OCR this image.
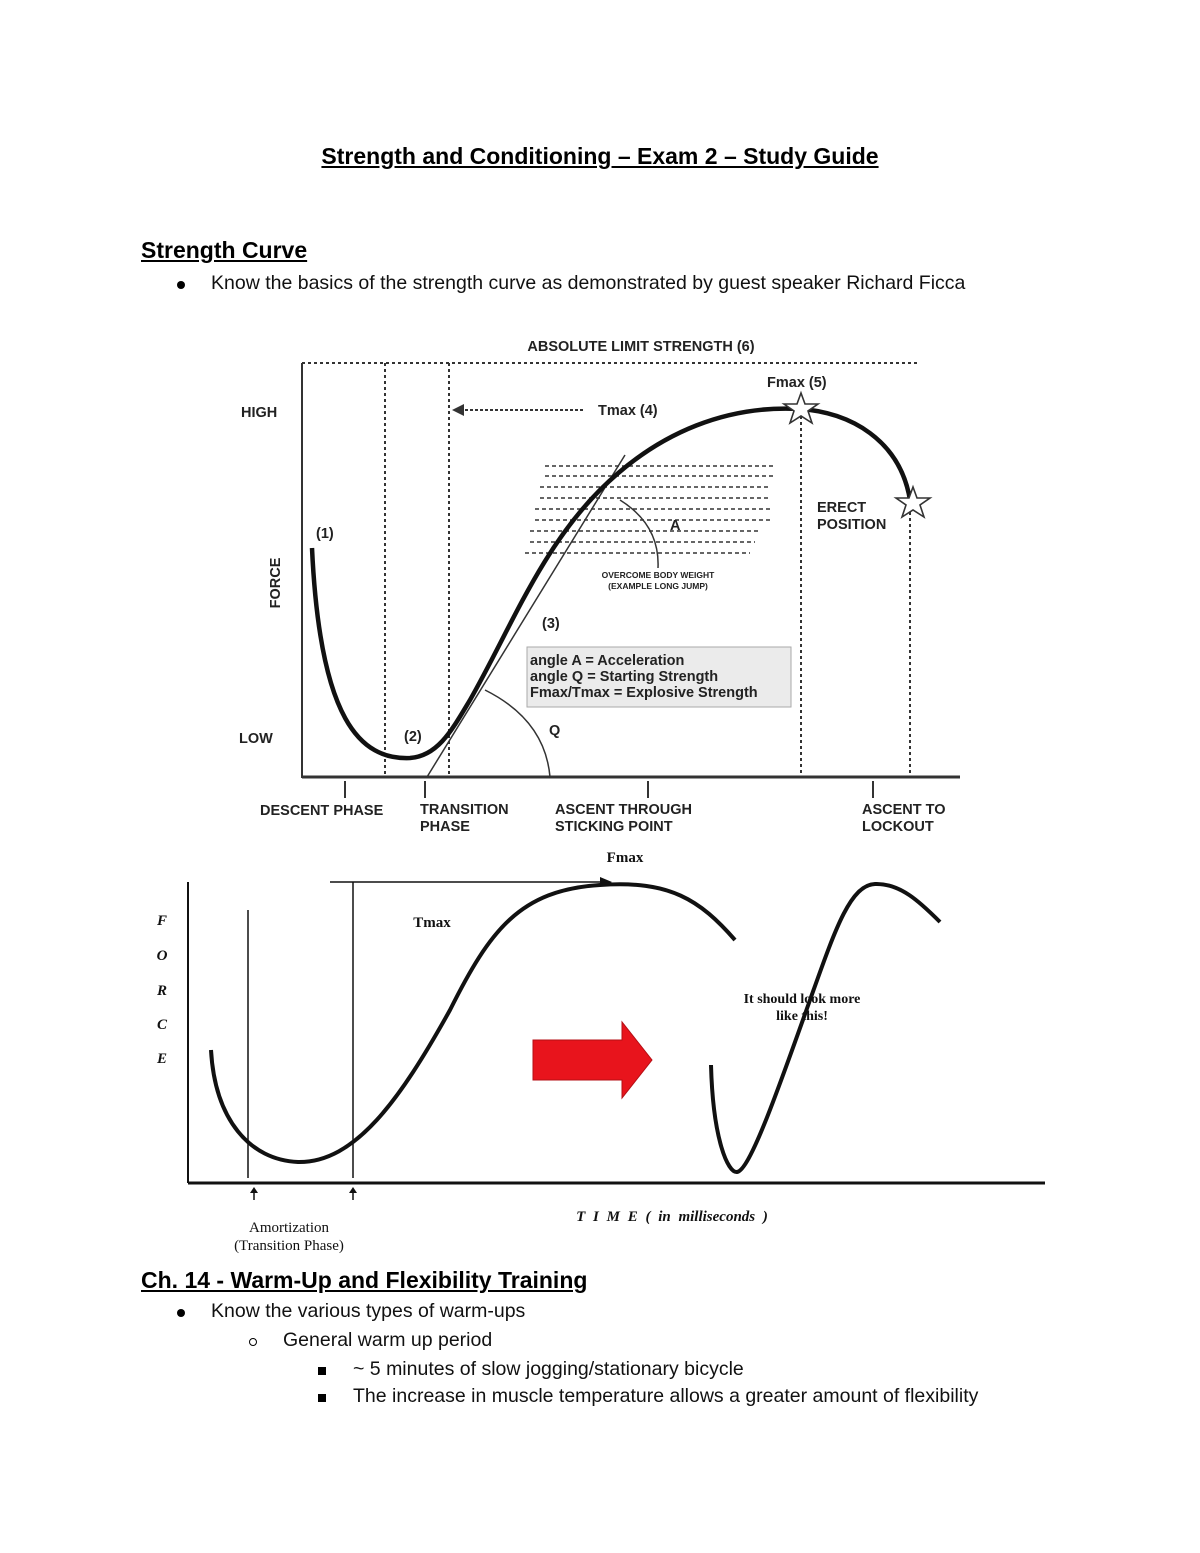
Strength and Conditioning – Exam 2 – Study Guide
Strength Curve
Know the basics of the strength curve as demonstrated by guest speaker Richard Ficca
ABSOLUTE LIMIT STRENGTH (6)
FORCE
HIGH
LOW
(1)
(2)
(3)
Tmax (4)
Fmax (5)
ERECT
POSITION
A
Q
OVERCOME BODY WEIGHT
(EXAMPLE LONG JUMP)
angle A = Acceleration
angle Q = Starting Strength
Fmax/Tmax = Explosive Strength
DESCENT PHASE	TRANSITION
PHASE
ASCENT THROUGH
STICKING POINT
ASCENT TO
LOCKOUT
Fmax
Tmax
F
O
R
C
E
T I M E ( in milliseconds )
Amortization
(Transition Phase)
It should look more
like this!
Ch. 14 - Warm-Up and Flexibility Training
Know the various types of warm-ups
General warm up period
~ 5 minutes of slow jogging/stationary bicycle
The increase in muscle temperature allows a greater amount of flexibility
